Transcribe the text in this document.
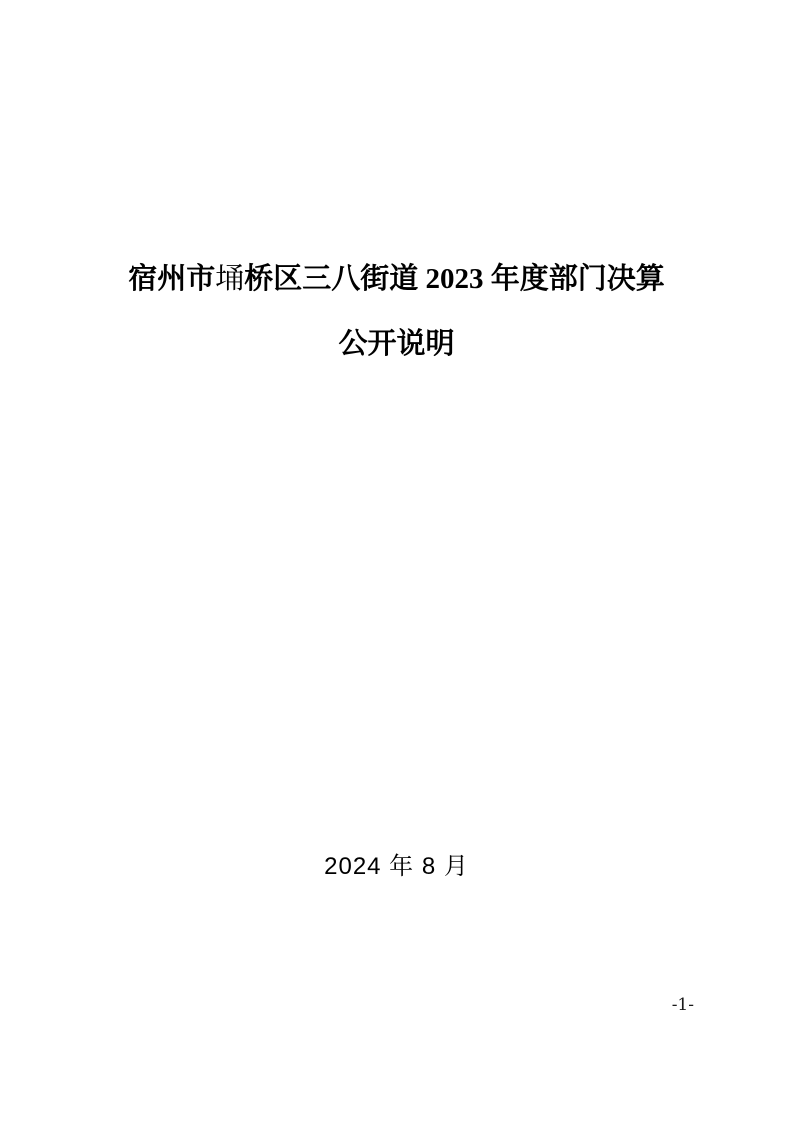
宿州市埇桥区三八街道 2023 年度部门决算
公开说明
2024 年 8 月
-1-
